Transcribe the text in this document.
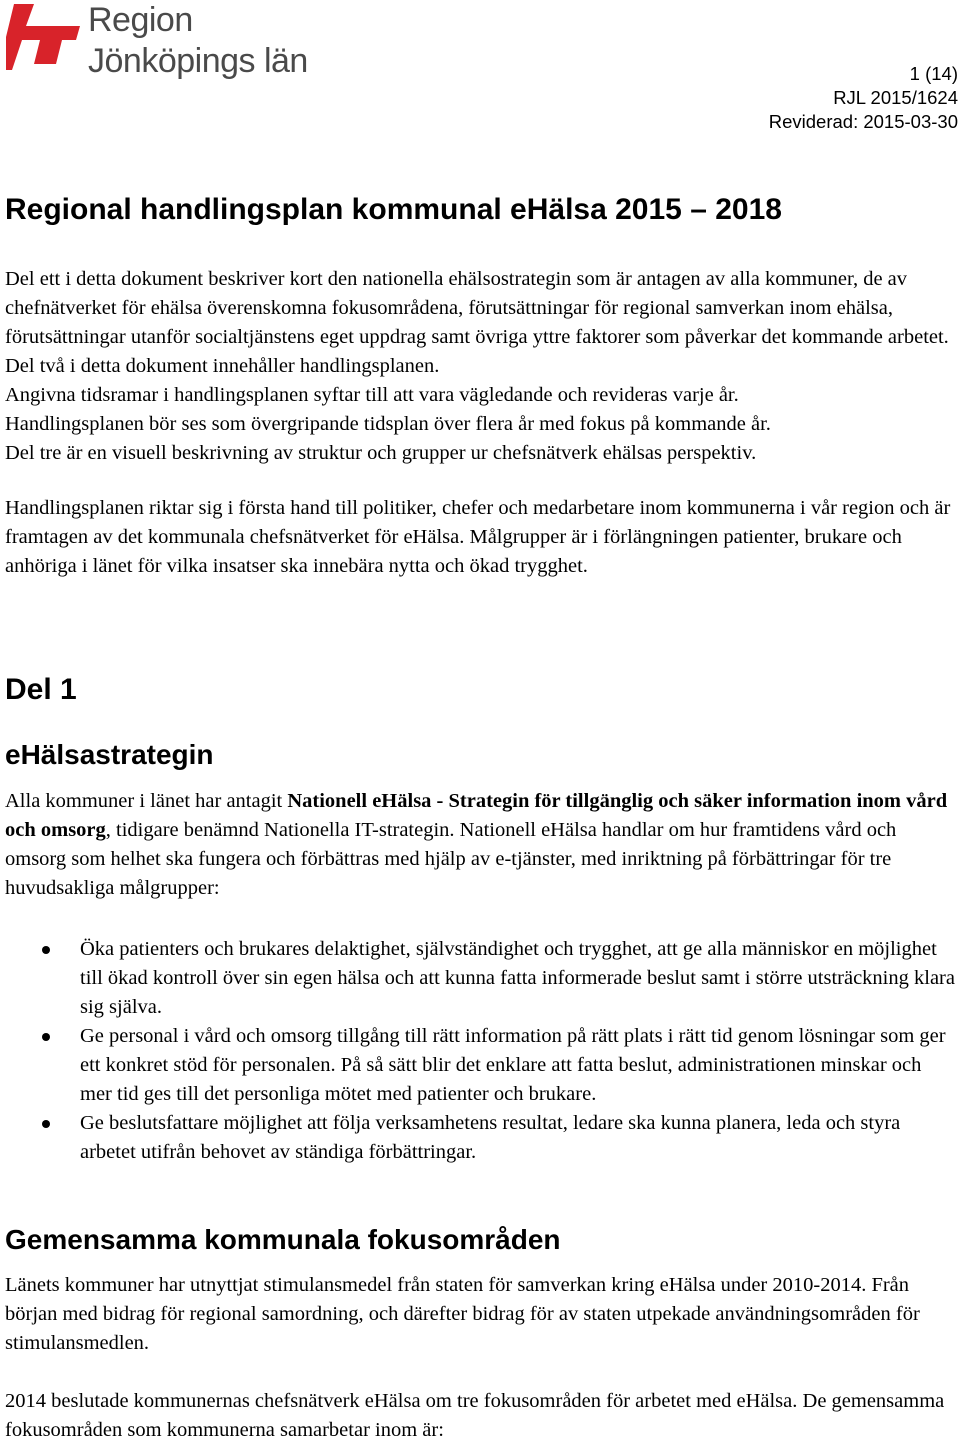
Region
Jönköpings län	1 (14)
RJL 2015/1624
Reviderad: 2015-03-30
Regional handlingsplan kommunal eHälsa 2015 – 2018

Del ett i detta dokument beskriver kort den nationella ehälsostrategin som är antagen av alla kommuner, de av chefnätverket för ehälsa överenskomna fokusområdena, förutsättningar för regional samverkan inom ehälsa, förutsättningar utanför socialtjänstens eget uppdrag samt övriga yttre faktorer som påverkar det kommande arbetet.

Del två i detta dokument innehåller handlingsplanen.
Angivna tidsramar i handlingsplanen syftar till att vara vägledande och revideras varje år.
Handlingsplanen bör ses som övergripande tidsplan över flera år med fokus på kommande år.
Del tre är en visuell beskrivning av struktur och grupper ur chefsnätverk ehälsas perspektiv.

Handlingsplanen riktar sig i första hand till politiker, chefer och medarbetare inom kommunerna i vår region och är framtagen av det kommunala chefsnätverket för eHälsa. Målgrupper är i förlängningen patienter, brukare och anhöriga i länet för vilka insatser ska innebära nytta och ökad trygghet.

Del 1
eHälsastrategin

Alla kommuner i länet har antagit Nationell eHälsa - Strategin för tillgänglig och säker information inom vård och omsorg, tidigare benämnd Nationella IT-strategin. Nationell eHälsa handlar om hur framtidens vård och omsorg som helhet ska fungera och förbättras med hjälp av e-tjänster, med inriktning på förbättringar för tre huvudsakliga målgrupper:

Öka patienters och brukares delaktighet, självständighet och trygghet, att ge alla människor en möjlighet till ökad kontroll över sin egen hälsa och att kunna fatta informerade beslut samt i större utsträckning klara sig själva.
Ge personal i vård och omsorg tillgång till rätt information på rätt plats i rätt tid genom lösningar som ger ett konkret stöd för personalen. På så sätt blir det enklare att fatta beslut, administrationen minskar och mer tid ges till det personliga mötet med patienter och brukare.
Ge beslutsfattare möjlighet att följa verksamhetens resultat, ledare ska kunna planera, leda och styra arbetet utifrån behovet av ständiga förbättringar.
Gemensamma kommunala fokusområden

Länets kommuner har utnyttjat stimulansmedel från staten för samverkan kring eHälsa under 2010-2014. Från början med bidrag för regional samordning, och därefter bidrag för av staten utpekade användningsområden för stimulansmedlen.

2014 beslutade kommunernas chefsnätverk eHälsa om tre fokusområden för arbetet med eHälsa. De gemensamma fokusområden som kommunerna samarbetar inom är:
